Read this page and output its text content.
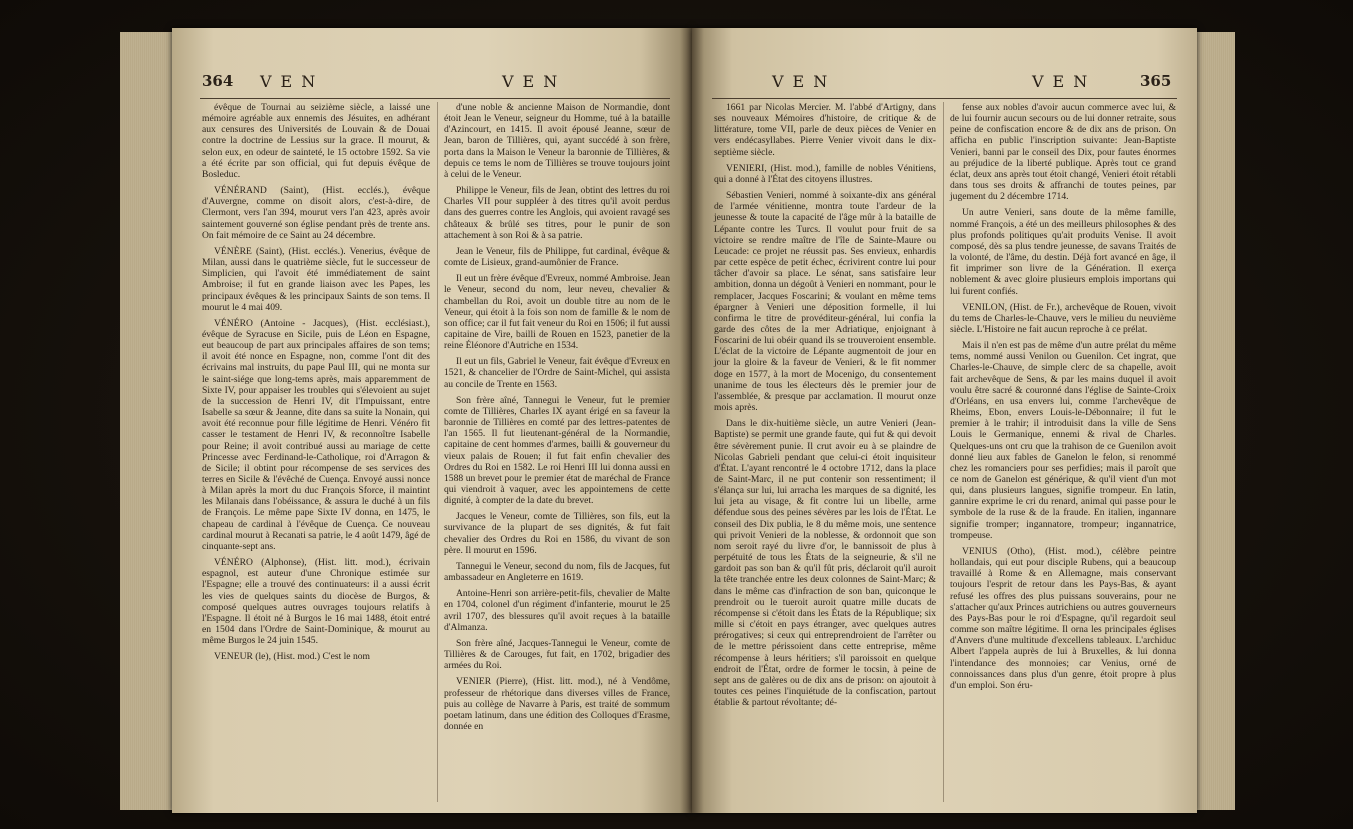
364 VEN	VEN

évêque de Tournai au seizième siècle, a laissé une mémoire agréable aux ennemis des Jésuites, en adhérant aux censures des Universités de Louvain & de Douai contre la doctrine de Lessius sur la grace. Il mourut, & selon eux, en odeur de sainteté, le 15 octobre 1592. Sa vie a été écrite par son official, qui fut depuis évêque de Bosleduc.

VÉNÉRAND (Saint), (Hist. ecclés.), évêque d'Auvergne, comme on disoit alors, c'est-à-dire, de Clermont, vers l'an 394, mourut vers l'an 423, après avoir saintement gouverné son église pendant près de trente ans. On fait mémoire de ce Saint au 24 décembre.

VÉNÈRE (Saint), (Hist. ecclés.). Venerius, évêque de Milan, aussi dans le quatrième siècle, fut le successeur de Simplicien, qui l'avoit été immédiatement de saint Ambroise; il fut en grande liaison avec les Papes, les principaux évêques & les principaux Saints de son tems. Il mourut le 4 mai 409.

VÉNÉRO (Antoine - Jacques), (Hist. ecclésiast.), évêque de Syracuse en Sicile, puis de Léon en Espagne, eut beaucoup de part aux principales affaires de son tems; il avoit été nonce en Espagne, non, comme l'ont dit des écrivains mal instruits, du pape Paul III, qui ne monta sur le saint-siége que long-tems après, mais apparemment de Sixte IV, pour appaiser les troubles qui s'élevoient au sujet de la succession de Henri IV, dit l'Impuissant, entre Isabelle sa sœur & Jeanne, dite dans sa suite la Nonain, qui avoit été reconnue pour fille légitime de Henri. Vénéro fit casser le testament de Henri IV, & reconnoître Isabelle pour Reine; il avoit contribué aussi au mariage de cette Princesse avec Ferdinand-le-Catholique, roi d'Arragon & de Sicile; il obtint pour récompense de ses services des terres en Sicile & l'évêché de Cuença. Envoyé aussi nonce à Milan après la mort du duc François Sforce, il maintint les Milanais dans l'obéissance, & assura le duché à un fils de François. Le même pape Sixte IV donna, en 1475, le chapeau de cardinal à l'évêque de Cuença. Ce nouveau cardinal mourut à Recanati sa patrie, le 4 août 1479, âgé de cinquante-sept ans.

VÉNÉRO (Alphonse), (Hist. litt. mod.), écrivain espagnol, est auteur d'une Chronique estimée sur l'Espagne; elle a trouvé des continuateurs: il a aussi écrit les vies de quelques saints du diocèse de Burgos, & composé quelques autres ouvrages toujours relatifs à l'Espagne. Il étoit né à Burgos le 16 mai 1488, étoit entré en 1504 dans l'Ordre de Saint-Dominique, & mourut au même Burgos le 24 juin 1545.

VENEUR (le), (Hist. mod.) C'est le nom

d'une noble & ancienne Maison de Normandie, dont étoit Jean le Veneur, seigneur du Homme, tué à la bataille d'Azincourt, en 1415. Il avoit épousé Jeanne, sœur de Jean, baron de Tillières, qui, ayant succédé à son frère, porta dans la Maison le Veneur la baronnie de Tillières, & depuis ce tems le nom de Tillières se trouve toujours joint à celui de le Veneur.

Philippe le Veneur, fils de Jean, obtint des lettres du roi Charles VII pour suppléer à des titres qu'il avoit perdus dans des guerres contre les Anglois, qui avoient ravagé ses châteaux & brûlé ses titres, pour le punir de son attachement à son Roi & à sa patrie.

Jean le Veneur, fils de Philippe, fut cardinal, évêque & comte de Lisieux, grand-aumônier de France.

Il eut un frère évêque d'Evreux, nommé Ambroise. Jean le Veneur, second du nom, leur neveu, chevalier & chambellan du Roi, avoit un double titre au nom de le Veneur, qui étoit à la fois son nom de famille & le nom de son office; car il fut fait veneur du Roi en 1506; il fut aussi capitaine de Vire, bailli de Rouen en 1523, panetier de la reine Éléonore d'Autriche en 1534.

Il eut un fils, Gabriel le Veneur, fait évêque d'Evreux en 1521, & chancelier de l'Ordre de Saint-Michel, qui assista au concile de Trente en 1563.

Son frère aîné, Tannegui le Veneur, fut le premier comte de Tillières, Charles IX ayant érigé en sa faveur la baronnie de Tillières en comté par des lettres-patentes de l'an 1565. Il fut lieutenant-général de la Normandie, capitaine de cent hommes d'armes, bailli & gouverneur du vieux palais de Rouen; il fut fait enfin chevalier des Ordres du Roi en 1582. Le roi Henri III lui donna aussi en 1588 un brevet pour le premier état de maréchal de France qui viendroit à vaquer, avec les appointemens de cette dignité, à compter de la date du brevet.

Jacques le Veneur, comte de Tillières, son fils, eut la survivance de la plupart de ses dignités, & fut fait chevalier des Ordres du Roi en 1586, du vivant de son père. Il mourut en 1596.

Tannegui le Veneur, second du nom, fils de Jacques, fut ambassadeur en Angleterre en 1619.

Antoine-Henri son arrière-petit-fils, chevalier de Malte en 1704, colonel d'un régiment d'infanterie, mourut le 25 avril 1707, des blessures qu'il avoit reçues à la bataille d'Almanza.

Son frère aîné, Jacques-Tannegui le Veneur, comte de Tillières & de Carouges, fut fait, en 1702, brigadier des armées du Roi.

VENIER (Pierre), (Hist. litt. mod.), né à Vendôme, professeur de rhétorique dans diverses villes de France, puis au collège de Navarre à Paris, est traité de sommum poetam latinum, dans une édition des Colloques d'Erasme, donnée en

VEN	VEN	365

1661 par Nicolas Mercier. M. l'abbé d'Artigny, dans ses nouveaux Mémoires d'histoire, de critique & de littérature, tome VII, parle de deux pièces de Venier en vers endécasyllabes. Pierre Venier vivoit dans le dix-septième siècle.

VENIERI, (Hist. mod.), famille de nobles Vénitiens, qui a donné à l'État des citoyens illustres.

Sébastien Venieri, nommé à soixante-dix ans général de l'armée vénitienne, montra toute l'ardeur de la jeunesse & toute la capacité de l'âge mûr à la bataille de Lépante contre les Turcs. Il voulut pour fruit de sa victoire se rendre maître de l'île de Sainte-Maure ou Leucade: ce projet ne réussit pas. Ses envieux, enhardis par cette espèce de petit échec, écrivirent contre lui pour tâcher d'avoir sa place. Le sénat, sans satisfaire leur ambition, donna un dégoût à Venieri en nommant, pour le remplacer, Jacques Foscarini; & voulant en même tems épargner à Venieri une déposition formelle, il lui confirma le titre de provéditeur-général, lui confia la garde des côtes de la mer Adriatique, enjoignant à Foscarini de lui obéir quand ils se trouveroient ensemble. L'éclat de la victoire de Lépante augmentoit de jour en jour la gloire & la faveur de Venieri, & le fit nommer doge en 1577, à la mort de Mocenigo, du consentement unanime de tous les électeurs dès le premier jour de l'assemblée, & presque par acclamation. Il mourut onze mois après.

Dans le dix-huitième siècle, un autre Venieri (Jean-Baptiste) se permit une grande faute, qui fut & qui devoit être sévèrement punie. Il crut avoir eu à se plaindre de Nicolas Gabrieli pendant que celui-ci étoit inquisiteur d'État. L'ayant rencontré le 4 octobre 1712, dans la place de Saint-Marc, il ne put contenir son ressentiment; il s'élança sur lui, lui arracha les marques de sa dignité, les lui jeta au visage, & fit contre lui un libelle, arme défendue sous des peines sévères par les lois de l'État. Le conseil des Dix publia, le 8 du même mois, une sentence qui privoit Venieri de la noblesse, & ordonnoit que son nom seroit rayé du livre d'or, le bannissoit de plus à perpétuité de tous les États de la seigneurie, & s'il ne gardoit pas son ban & qu'il fût pris, déclaroit qu'il auroit la tête tranchée entre les deux colonnes de Saint-Marc; & dans le même cas d'infraction de son ban, quiconque le prendroit ou le tueroit auroit quatre mille ducats de récompense si c'étoit dans les États de la République; six mille si c'étoit en pays étranger, avec quelques autres prérogatives; si ceux qui entreprendroient de l'arrêter ou de le mettre périssoient dans cette entreprise, même récompense à leurs héritiers; s'il paroissoit en quelque endroit de l'État, ordre de former le tocsin, à peine de sept ans de galères ou de dix ans de prison: on ajoutoit à toutes ces peines l'inquiétude de la confiscation, partout établie & partout révoltante; dé-

fense aux nobles d'avoir aucun commerce avec lui, & de lui fournir aucun secours ou de lui donner retraite, sous peine de confiscation encore & de dix ans de prison. On afficha en public l'inscription suivante: Jean-Baptiste Venieri, banni par le conseil des Dix, pour fautes énormes au préjudice de la liberté publique. Après tout ce grand éclat, deux ans après tout étoit changé, Venieri étoit rétabli dans tous ses droits & affranchi de toutes peines, par jugement du 2 décembre 1714.

Un autre Venieri, sans doute de la même famille, nommé François, a été un des meilleurs philosophes & des plus profonds politiques qu'ait produits Venise. Il avoit composé, dès sa plus tendre jeunesse, de savans Traités de la volonté, de l'âme, du destin. Déjà fort avancé en âge, il fit imprimer son livre de la Génération. Il exerça noblement & avec gloire plusieurs emplois importans qui lui furent confiés.

VENILON, (Hist. de Fr.), archevêque de Rouen, vivoit du tems de Charles-le-Chauve, vers le milieu du neuvième siècle. L'Histoire ne fait aucun reproche à ce prélat.

Mais il n'en est pas de même d'un autre prélat du même tems, nommé aussi Venilon ou Guenilon. Cet ingrat, que Charles-le-Chauve, de simple clerc de sa chapelle, avoit fait archevêque de Sens, & par les mains duquel il avoit voulu être sacré & couronné dans l'église de Sainte-Croix d'Orléans, en usa envers lui, comme l'archevêque de Rheims, Ebon, envers Louis-le-Débonnaire; il fut le premier à le trahir; il introduisit dans la ville de Sens Louis le Germanique, ennemi & rival de Charles. Quelques-uns ont cru que la trahison de ce Guenilon avoit donné lieu aux fables de Ganelon le felon, si renommé chez les romanciers pour ses perfidies; mais il paroît que ce nom de Ganelon est générique, & qu'il vient d'un mot qui, dans plusieurs langues, signifie trompeur. En latin, gannire exprime le cri du renard, animal qui passe pour le symbole de la ruse & de la fraude. En italien, ingannare signifie tromper; ingannatore, trompeur; ingannatrice, trompeuse.

VENIUS (Otho), (Hist. mod.), célèbre peintre hollandais, qui eut pour disciple Rubens, qui a beaucoup travaillé à Rome & en Allemagne, mais conservant toujours l'esprit de retour dans les Pays-Bas, & ayant refusé les offres des plus puissans souverains, pour ne s'attacher qu'aux Princes autrichiens ou autres gouverneurs des Pays-Bas pour le roi d'Espagne, qu'il regardoit seul comme son maître légitime. Il orna les principales églises d'Anvers d'une multitude d'excellens tableaux. L'archiduc Albert l'appela auprès de lui à Bruxelles, & lui donna l'intendance des monnoies; car Venius, orné de connoissances dans plus d'un genre, étoit propre à plus d'un emploi. Son éru-
